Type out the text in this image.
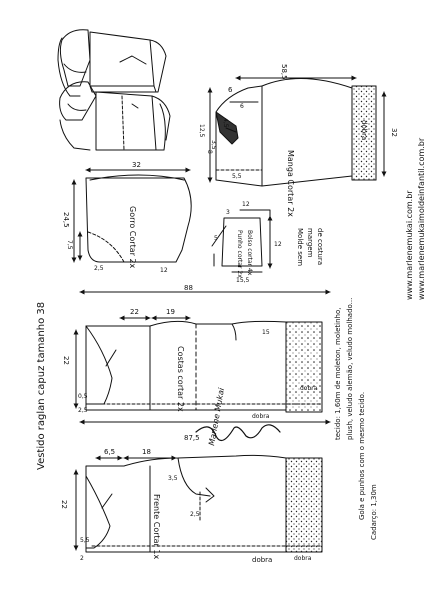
Manga Cortar 2x
58,5
6
4,5
3,5
12,5
5,5
8
6
32
dobra
Gorro Cortar 2x
32
24,5
7,5
2,5	12
Punho cortar 2x
Bolso cortar 4x
12
12
15,5
5
3
Molde sem margem de costura	www.marlenemukai.com.br www.marlenemukaimoldeinfantil.com.br
88
Costas cortar 2x
22	19
22
0,5
2,5
15
dobra
dobra
Frente Cortar 1x
6,5	18
87,5
22
5,5
2
3,5
2,5
dobra	dobra
Vestido raglan capuz tamanho 38	Marlene Mukai	tecido: 1,60m de moleton, moletinho, plush, veludo alemão, veludo molhado...
Gola e punhos com o mesmo tecido. Cadarço: 1,30m
